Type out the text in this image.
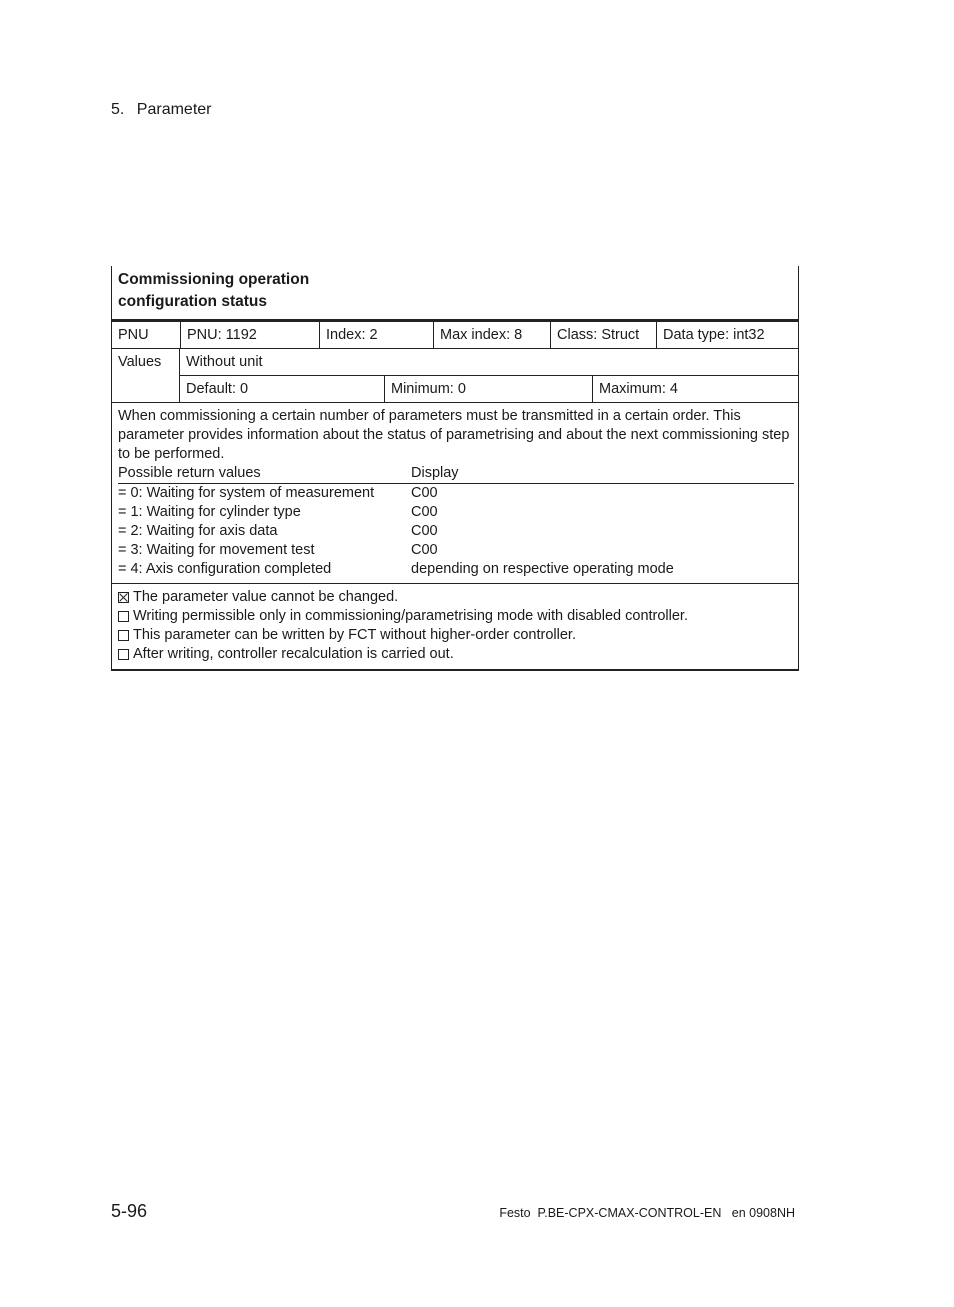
5. Parameter
Commissioning operation
configuration status
PNU	PNU: 1192	Index: 2	Max index: 8	Class: Struct	Data type: int32
Values	Without unit
Default: 0	Minimum: 0	Maximum: 4
When commissioning a certain number of parameters must be transmitted in a certain order. This parameter provides information about the status of parametrising and about the next commissioning step to be performed.
Possible return values	Display
= 0: Waiting for system of measurement	C00
= 1: Waiting for cylinder type	C00
= 2: Waiting for axis data	C00
= 3: Waiting for movement test	C00
= 4: Axis configuration completed	depending on respective operating mode
The parameter value cannot be changed.
Writing permissible only in commissioning/parametrising mode with disabled controller.
This parameter can be written by FCT without higher-order controller.
After writing, controller recalculation is carried out.
5-96	Festo  P.BE-CPX-CMAX-CONTROL-EN   en 0908NH
